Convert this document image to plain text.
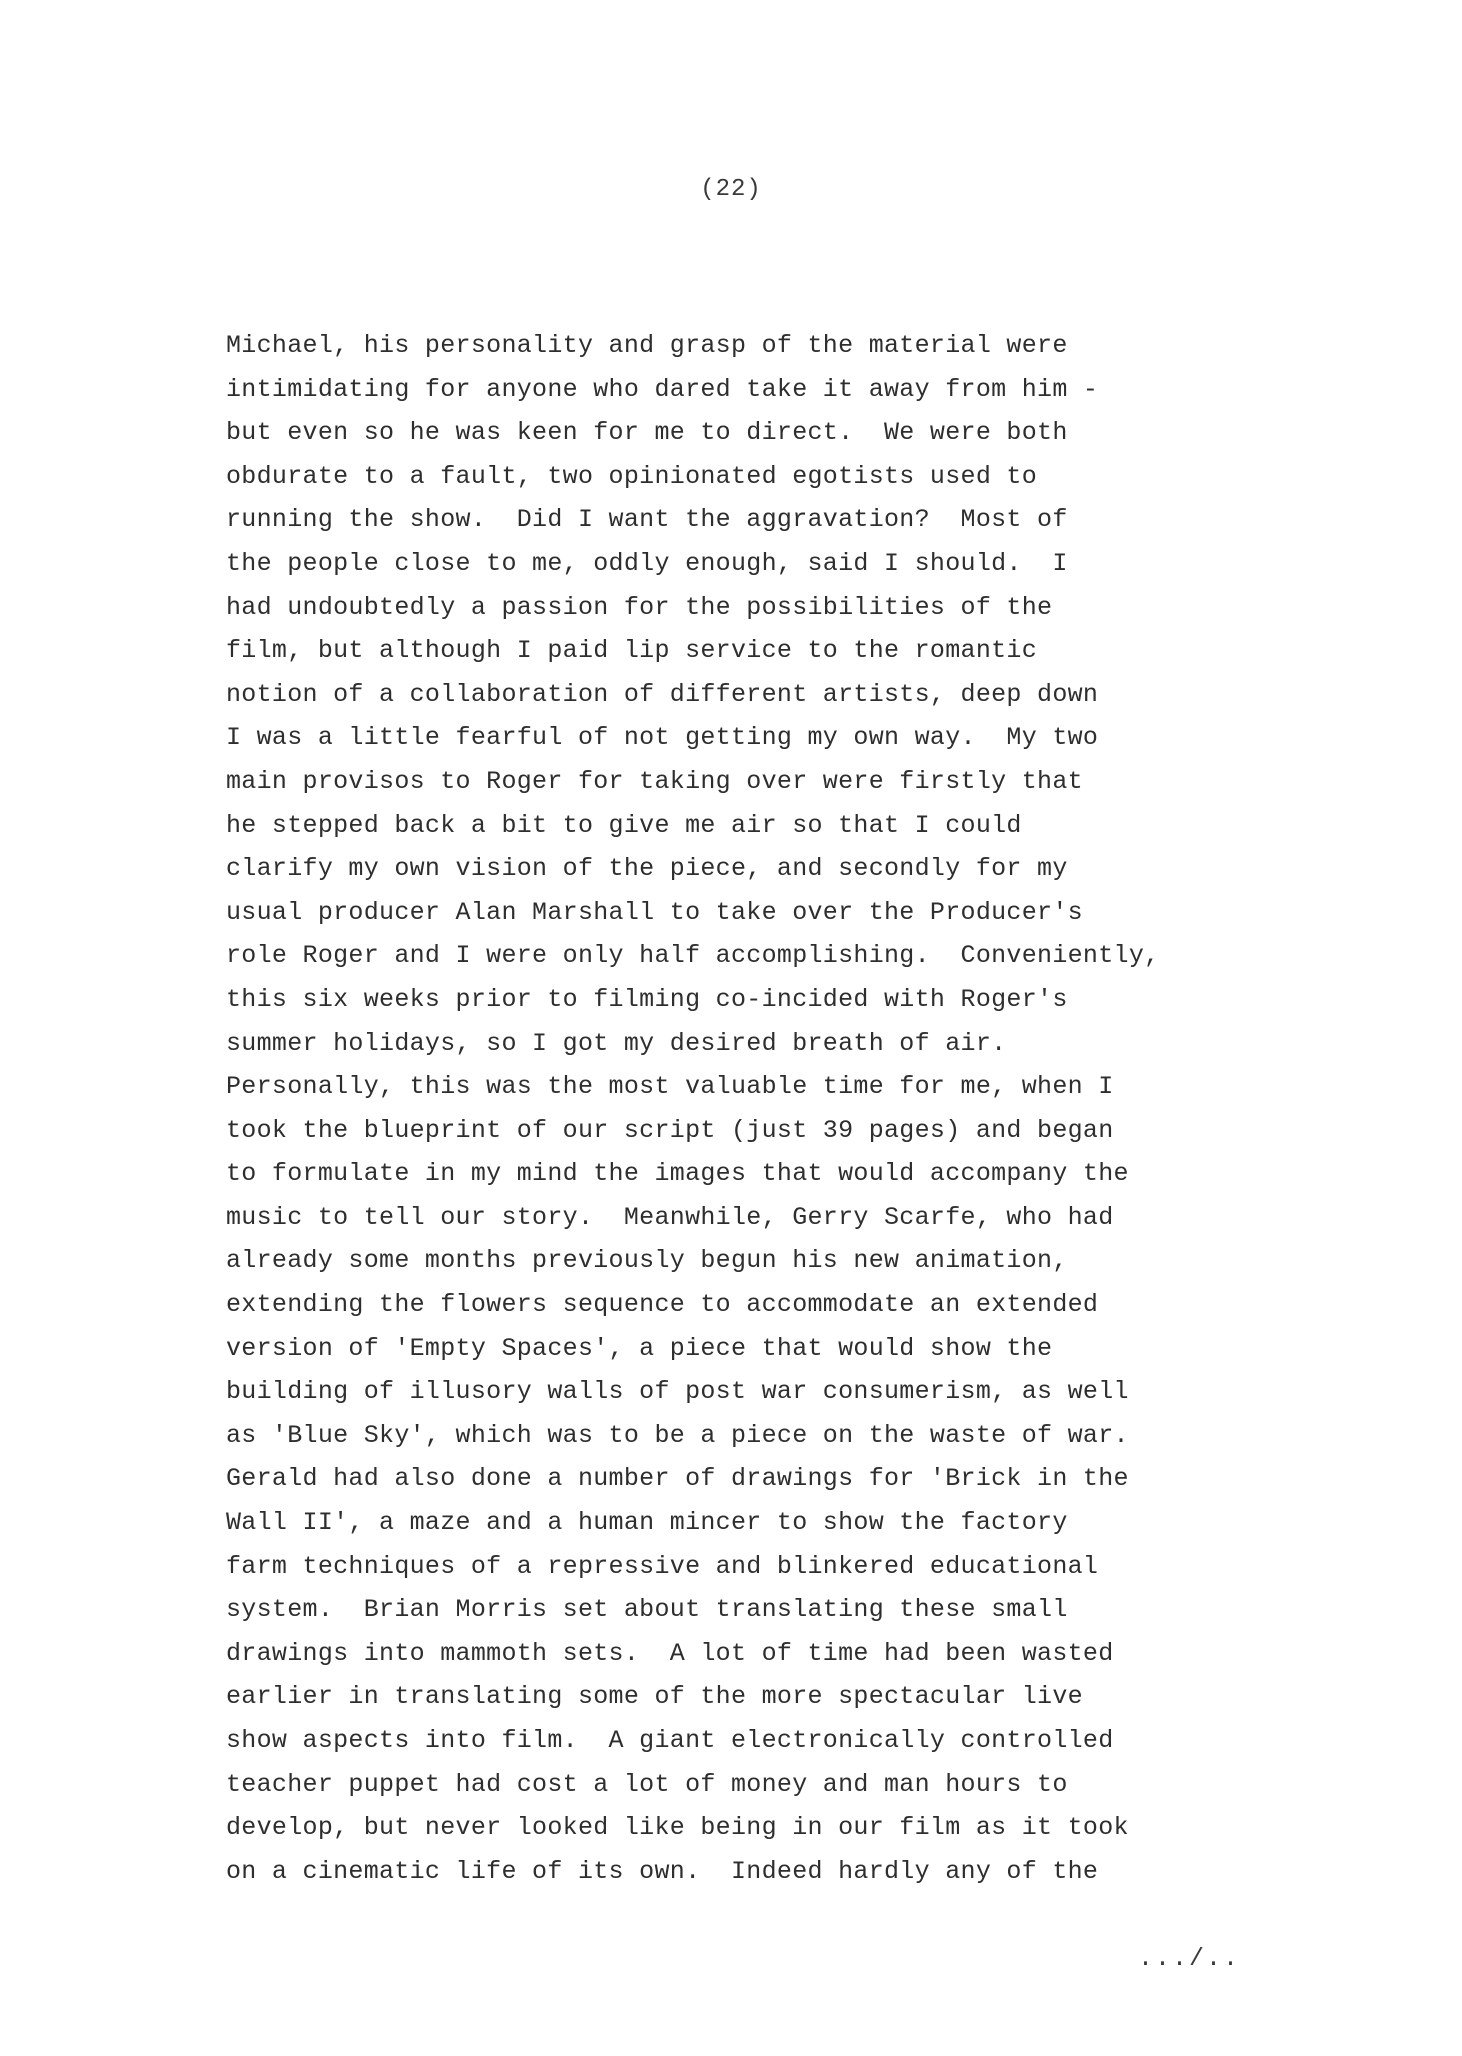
(22)
Michael, his personality and grasp of the material were
intimidating for anyone who dared take it away from him -
but even so he was keen for me to direct.  We were both
obdurate to a fault, two opinionated egotists used to
running the show.  Did I want the aggravation?  Most of
the people close to me, oddly enough, said I should.  I
had undoubtedly a passion for the possibilities of the
film, but although I paid lip service to the romantic
notion of a collaboration of different artists, deep down
I was a little fearful of not getting my own way.  My two
main provisos to Roger for taking over were firstly that
he stepped back a bit to give me air so that I could
clarify my own vision of the piece, and secondly for my
usual producer Alan Marshall to take over the Producer's
role Roger and I were only half accomplishing.  Conveniently,
this six weeks prior to filming co-incided with Roger's
summer holidays, so I got my desired breath of air.
Personally, this was the most valuable time for me, when I
took the blueprint of our script (just 39 pages) and began
to formulate in my mind the images that would accompany the
music to tell our story.  Meanwhile, Gerry Scarfe, who had
already some months previously begun his new animation,
extending the flowers sequence to accommodate an extended
version of 'Empty Spaces', a piece that would show the
building of illusory walls of post war consumerism, as well
as 'Blue Sky', which was to be a piece on the waste of war.
Gerald had also done a number of drawings for 'Brick in the
Wall II', a maze and a human mincer to show the factory
farm techniques of a repressive and blinkered educational
system.  Brian Morris set about translating these small
drawings into mammoth sets.  A lot of time had been wasted
earlier in translating some of the more spectacular live
show aspects into film.  A giant electronically controlled
teacher puppet had cost a lot of money and man hours to
develop, but never looked like being in our film as it took
on a cinematic life of its own.  Indeed hardly any of the
.../..
